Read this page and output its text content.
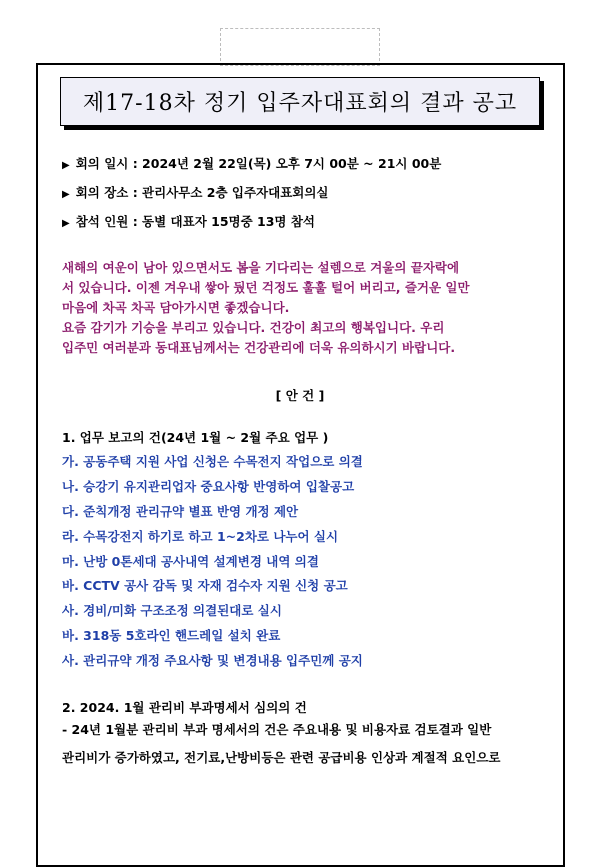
제17-18차 정기 입주자대표회의 결과 공고
▶ 회의 일시 : 2024년 2월 22일(목) 오후 7시 00분 ~ 21시 00분
▶ 회의 장소 : 관리사무소 2층 입주자대표회의실
▶ 참석 인원 : 동별 대표자 15명중 13명 참석

새해의 여운이 남아 있으면서도 봄을 기다리는 설렘으로 겨울의 끝자락에

서 있습니다. 이젠 겨우내 쌓아 뒀던 걱정도 훌훌 털어 버리고, 즐거운 일만

마음에 차곡 차곡 담아가시면 좋겠습니다.

요즘 감기가 기승을 부리고 있습니다. 건강이 최고의 행복입니다. 우리

입주민 여러분과 동대표님께서는 건강관리에 더욱 유의하시기 바랍니다.

[ 안 건 ]
1. 업무 보고의 건(24년 1월 ~ 2월 주요 업무 )
가. 공동주택 지원 사업 신청은 수목전지 작업으로 의결
나. 승강기 유지관리업자 중요사항 반영하여 입찰공고
다. 준칙개정 관리규약 별표 반영 개정 제안
라. 수목강전지 하기로 하고 1~2차로 나누어 실시
마. 난방 0톤세대 공사내역 설계변경 내역 의결
바. CCTV 공사 감독 및 자재 검수자 지원 신청 공고
사. 경비/미화 구조조정 의결된대로 실시
바. 318동 5호라인 핸드레일 설치 완료
사. 관리규약 개정 주요사항 및 변경내용 입주민께 공지
2. 2024. 1월 관리비 부과명세서 심의의 건

- 24년 1월분 관리비 부과 명세서의 건은 주요내용 및 비용자료 검토결과 일반

관리비가 증가하였고, 전기료,난방비등은 관련 공급비용 인상과 계절적 요인으로
